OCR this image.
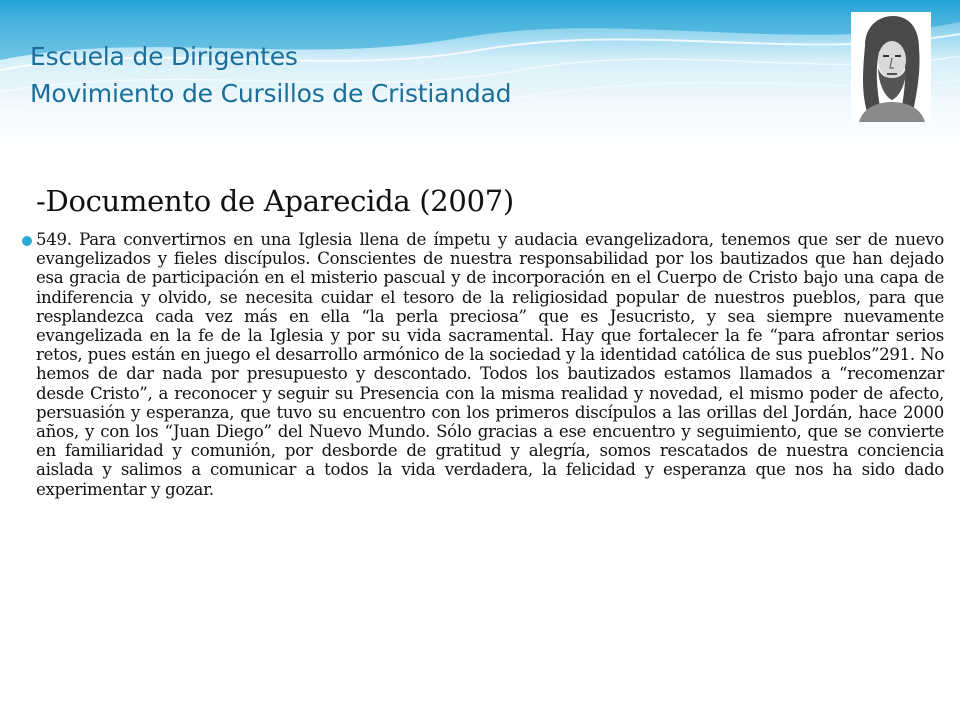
Escuela de Dirigentes
Movimiento de Cursillos de Cristiandad
-Documento de Aparecida (2007)

549. Para convertirnos en una Iglesia llena de ímpetu y audacia evangelizadora, tenemos que ser de nuevo evangelizados y fieles discípulos. Conscientes de nuestra responsabilidad por los bautizados que han dejado esa gracia de participación en el misterio pascual y de incorporación en el Cuerpo de Cristo bajo una capa de indiferencia y olvido, se necesita cuidar el tesoro de la religiosidad popular de nuestros pueblos, para que resplandezca cada vez más en ella “la perla preciosa” que es Jesucristo, y sea siempre nuevamente evangelizada en la fe de la Iglesia y por su vida sacramental. Hay que fortalecer la fe “para afrontar serios retos, pues están en juego el desarrollo armónico de la sociedad y la identidad católica de sus pueblos”291. No hemos de dar nada por presupuesto y descontado. Todos los bautizados estamos llamados a “recomenzar desde Cristo”, a reconocer y seguir su Presencia con la misma realidad y novedad, el mismo poder de afecto, persuasión y esperanza, que tuvo su encuentro con los primeros discípulos a las orillas del Jordán, hace 2000 años, y con los “Juan Diego” del Nuevo Mundo. Sólo gracias a ese encuentro y seguimiento, que se convierte en familiaridad y comunión, por desborde de gratitud y alegría, somos rescatados de nuestra conciencia aislada y salimos a comunicar a todos la vida verdadera, la felicidad y esperanza que nos ha sido dado experimentar y gozar.
